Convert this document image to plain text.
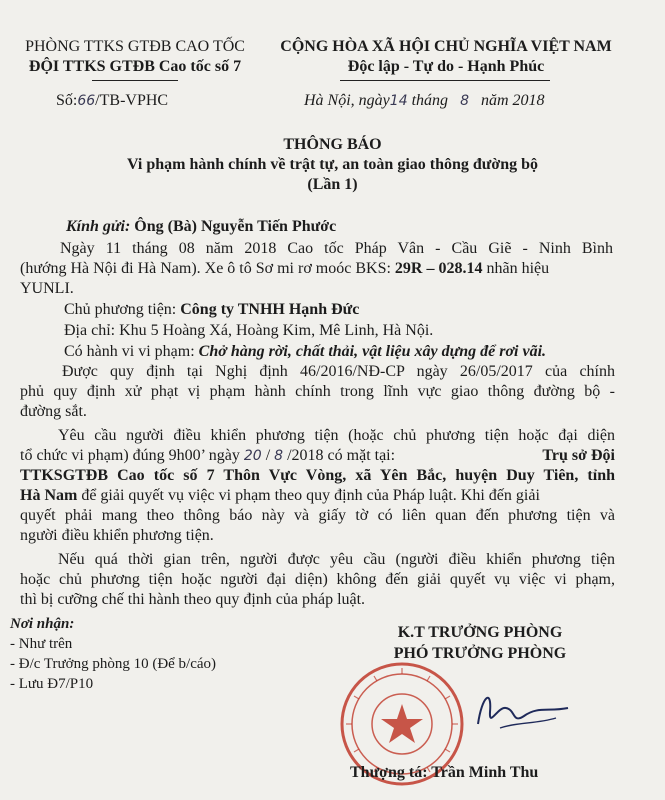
PHÒNG TTKS GTĐB CAO TỐC
ĐỘI TTKS GTĐB Cao tốc số 7
Số:66/TB-VPHC
CỘNG HÒA XÃ HỘI CHỦ NGHĨA VIỆT NAM
Độc lập - Tự do - Hạnh Phúc
Hà Nội, ngày14 tháng 8 năm 2018
THÔNG BÁO
Vi phạm hành chính về trật tự, an toàn giao thông đường bộ
(Lần 1)
Kính gửi: Ông (Bà) Nguyễn Tiến Phước
Ngày 11 tháng 08 năm 2018 Cao tốc Pháp Vân - Cầu Giẽ - Ninh Bình
(hướng Hà Nội đi Hà Nam). Xe ô tô Sơ mi rơ moóc BKS: 29R – 028.14 nhãn hiệu
YUNLI.
Chủ phương tiện: Công ty TNHH Hạnh Đức
Địa chỉ: Khu 5 Hoàng Xá, Hoàng Kim, Mê Linh, Hà Nội.
Có hành vi vi phạm: Chở hàng rời, chất thải, vật liệu xây dựng để rơi vãi.
Được quy định tại Nghị định 46/2016/NĐ-CP ngày 26/05/2017 của chính
phủ quy định xử phạt vị phạm hành chính trong lĩnh vực giao thông đường bộ -
đường sắt.
Yêu cầu người điều khiển phương tiện (hoặc chủ phương tiện hoặc đại diện
tổ chức vi phạm) đúng 9h00’ ngày 20 / 8 /2018 có mặt tại:	Trụ sở Đội
TTKSGTĐB Cao tốc số 7 Thôn Vực Vòng, xã Yên Bắc, huyện Duy Tiên, tỉnh
Hà Nam để giải quyết vụ việc vi phạm theo quy định của Pháp luật. Khi đến giải
quyết phải mang theo thông báo này và giấy tờ có liên quan đến phương tiện và
người điều khiển phương tiện.
Nếu quá thời gian trên, người được yêu cầu (người điều khiển phương tiện
hoặc chủ phương tiện hoặc người đại diện) không đến giải quyết vụ việc vi phạm,
thì bị cưỡng chế thi hành theo quy định của pháp luật.
Nơi nhận:
- Như trên
- Đ/c Trưởng phòng 10 (Để b/cáo)
- Lưu Đ7/P10
K.T TRƯỞNG PHÒNG
PHÓ TRƯỞNG PHÒNG
Thượng tá: Trần Minh Thu
